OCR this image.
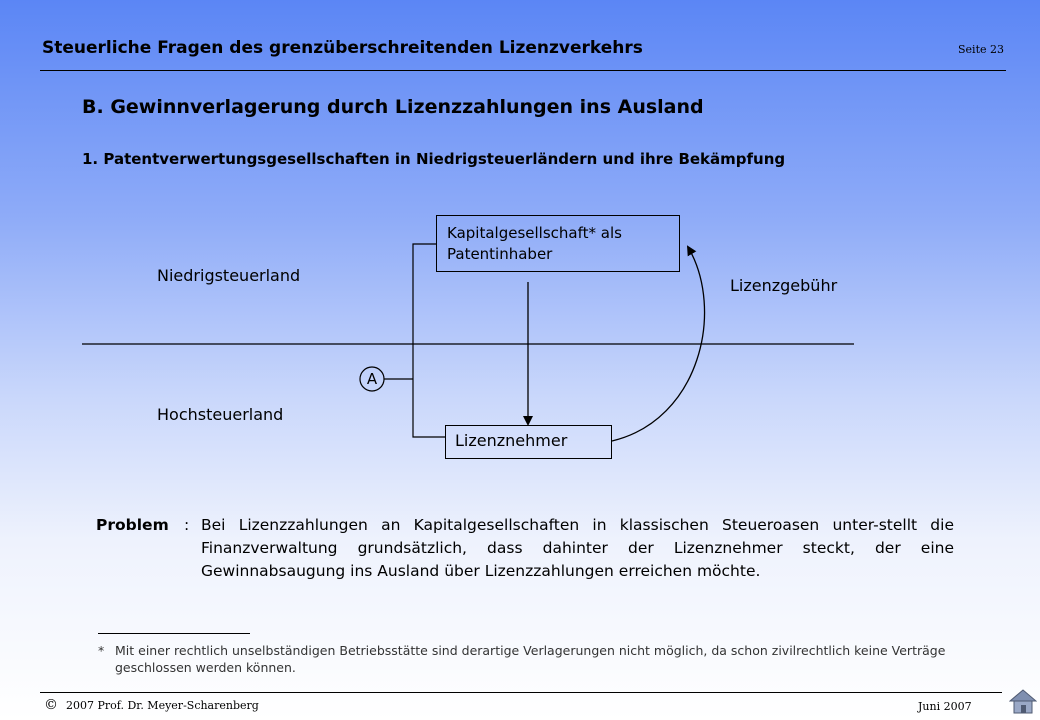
Steuerliche Fragen des grenzüberschreitenden Lizenzverkehrs	Seite 23
B. Gewinnverlagerung durch Lizenzzahlungen ins Ausland
1. Patentverwertungsgesellschaften in Niedrigsteuerländern und ihre Bekämpfung
Niedrigsteuerland
Hochsteuerland
Kapitalgesellschaft* als
Patentinhaber
Lizenznehmer
Lizenzgebühr
A
Problem : Bei Lizenzzahlungen an Kapitalgesellschaften in klassischen Steueroasen unter-stellt die Finanzverwaltung grundsätzlich, dass dahinter der Lizenznehmer steckt, der eine Gewinnabsaugung ins Ausland über Lizenzzahlungen erreichen möchte.
* Mit einer rechtlich unselbständigen Betriebsstätte sind derartige Verlagerungen nicht möglich, da schon zivilrechtlich keine Verträge geschlossen werden können.
© 2007 Prof. Dr. Meyer-Scharenberg	Juni 2007
